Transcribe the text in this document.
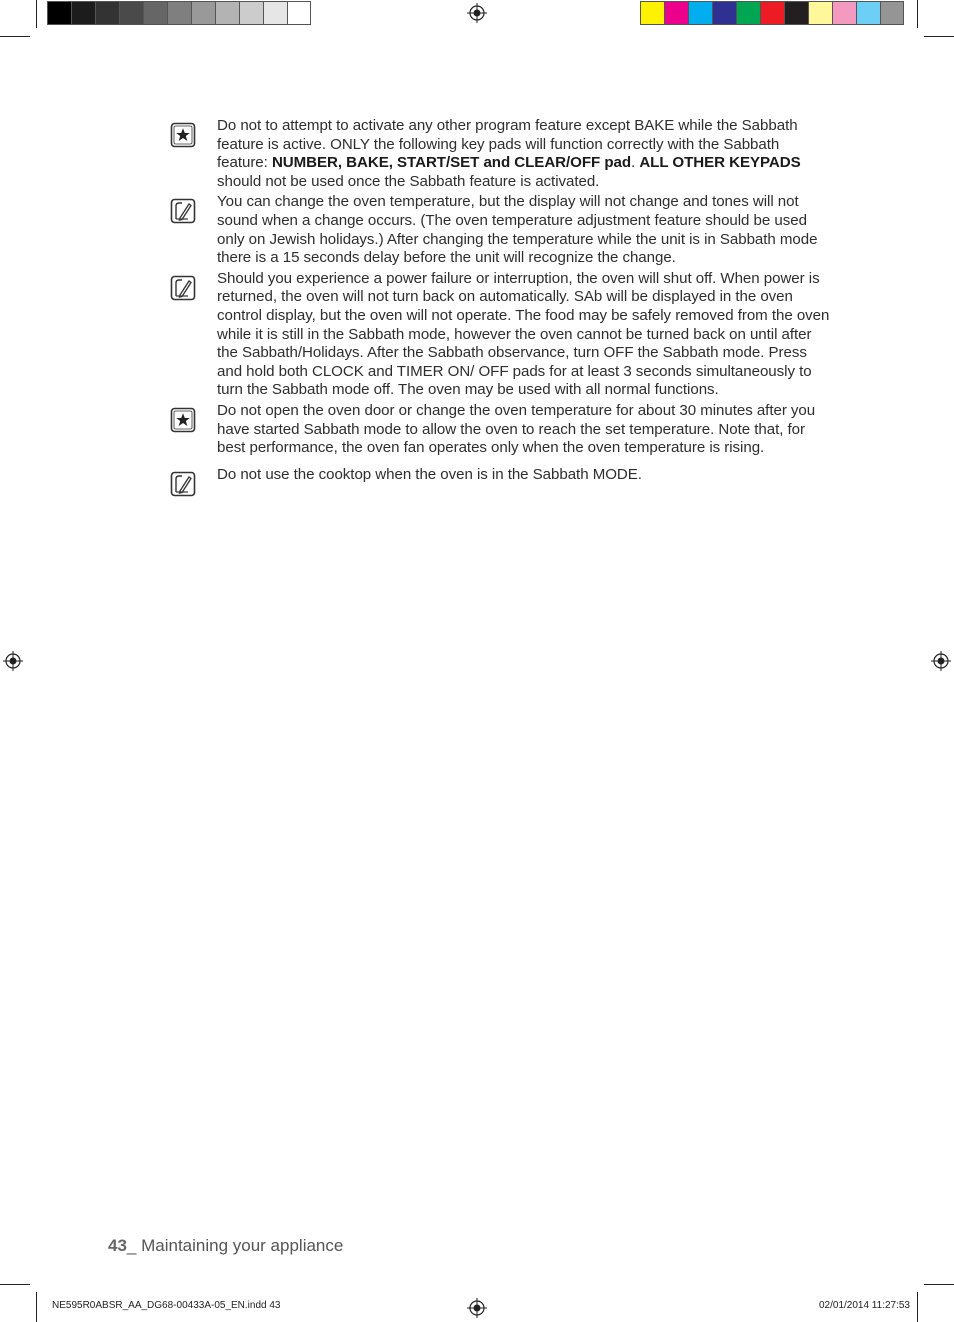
Do not to attempt to activate any other program feature except BAKE while the Sabbath feature is active. ONLY the following key pads will function correctly with the Sabbath feature: NUMBER, BAKE, START/SET and CLEAR/OFF pad. ALL OTHER KEYPADS should not be used once the Sabbath feature is activated.
You can change the oven temperature, but the display will not change and tones will not sound when a change occurs. (The oven temperature adjustment feature should be used only on Jewish holidays.) After changing the temperature while the unit is in Sabbath mode there is a 15 seconds delay before the unit will recognize the change.
Should you experience a power failure or interruption, the oven will shut off. When power is returned, the oven will not turn back on automatically. SAb will be displayed in the oven control display, but the oven will not operate. The food may be safely removed from the oven while it is still in the Sabbath mode, however the oven cannot be turned back on until after the Sabbath/Holidays. After the Sabbath observance, turn OFF the Sabbath mode. Press and hold both CLOCK and TIMER ON/ OFF pads for at least 3 seconds simultaneously to turn the Sabbath mode off. The oven may be used with all normal functions.
Do not open the oven door or change the oven temperature for about 30 minutes after you have started Sabbath mode to allow the oven to reach the set temperature. Note that, for best performance, the oven fan operates only when the oven temperature is rising.
Do not use the cooktop when the oven is in the Sabbath MODE.
43_ Maintaining your appliance
NE595R0ABSR_AA_DG68-00433A-05_EN.indd 43	02/01/2014 11:27:53
